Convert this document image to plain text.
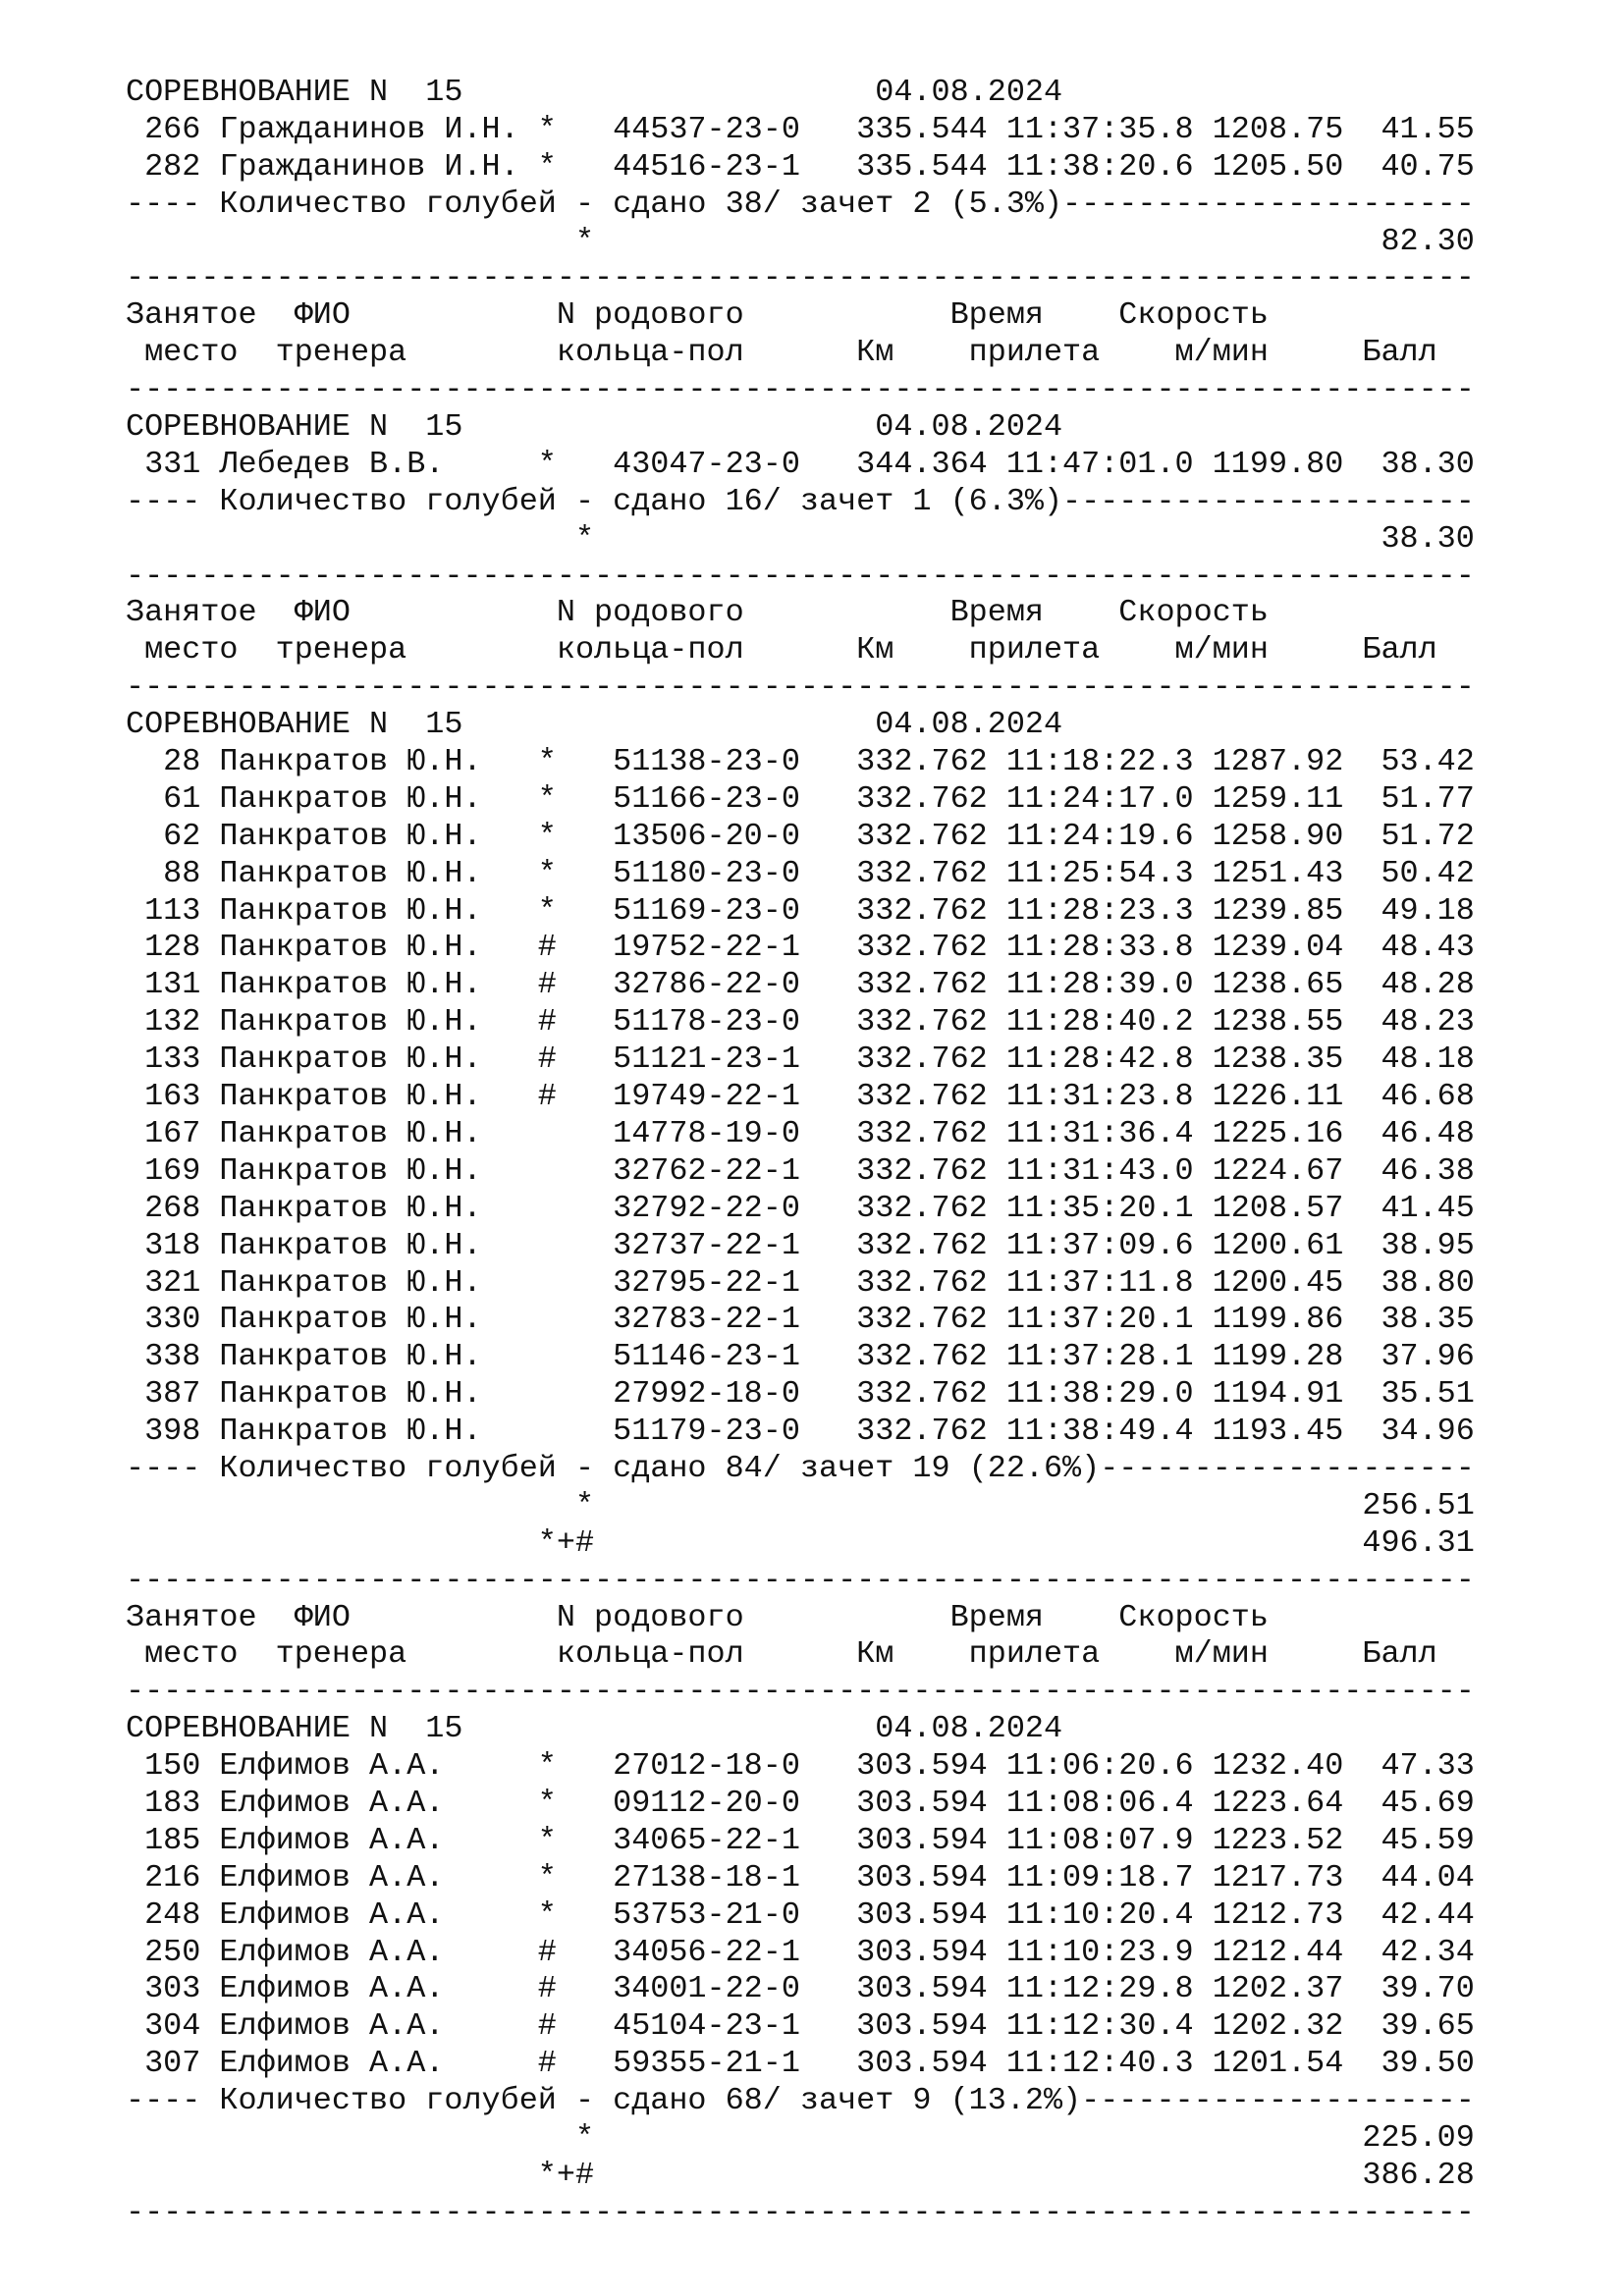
СОРЕВНОВАНИЕ N  15                      04.08.2024
266 Гражданинов И.Н. *   44537-23-0   335.544 11:37:35.8 1208.75  41.55
282 Гражданинов И.Н. *   44516-23-1   335.544 11:38:20.6 1205.50  40.75
---- Количество голубей - сдано 38/ зачет 2 (5.3%)----------------------
*                                          82.30
------------------------------------------------------------------------
Занятое  ФИО           N родового           Время    Скорость
место  тренера        кольца-пол      Км    прилета    м/мин     Балл
------------------------------------------------------------------------
СОРЕВНОВАНИЕ N  15                      04.08.2024
331 Лебедев В.В.     *   43047-23-0   344.364 11:47:01.0 1199.80  38.30
---- Количество голубей - сдано 16/ зачет 1 (6.3%)----------------------
*                                          38.30
------------------------------------------------------------------------
Занятое  ФИО           N родового           Время    Скорость
место  тренера        кольца-пол      Км    прилета    м/мин     Балл
------------------------------------------------------------------------
СОРЕВНОВАНИЕ N  15                      04.08.2024
28 Панкратов Ю.Н.   *   51138-23-0   332.762 11:18:22.3 1287.92  53.42
61 Панкратов Ю.Н.   *   51166-23-0   332.762 11:24:17.0 1259.11  51.77
62 Панкратов Ю.Н.   *   13506-20-0   332.762 11:24:19.6 1258.90  51.72
88 Панкратов Ю.Н.   *   51180-23-0   332.762 11:25:54.3 1251.43  50.42
113 Панкратов Ю.Н.   *   51169-23-0   332.762 11:28:23.3 1239.85  49.18
128 Панкратов Ю.Н.   #   19752-22-1   332.762 11:28:33.8 1239.04  48.43
131 Панкратов Ю.Н.   #   32786-22-0   332.762 11:28:39.0 1238.65  48.28
132 Панкратов Ю.Н.   #   51178-23-0   332.762 11:28:40.2 1238.55  48.23
133 Панкратов Ю.Н.   #   51121-23-1   332.762 11:28:42.8 1238.35  48.18
163 Панкратов Ю.Н.   #   19749-22-1   332.762 11:31:23.8 1226.11  46.68
167 Панкратов Ю.Н.       14778-19-0   332.762 11:31:36.4 1225.16  46.48
169 Панкратов Ю.Н.       32762-22-1   332.762 11:31:43.0 1224.67  46.38
268 Панкратов Ю.Н.       32792-22-0   332.762 11:35:20.1 1208.57  41.45
318 Панкратов Ю.Н.       32737-22-1   332.762 11:37:09.6 1200.61  38.95
321 Панкратов Ю.Н.       32795-22-1   332.762 11:37:11.8 1200.45  38.80
330 Панкратов Ю.Н.       32783-22-1   332.762 11:37:20.1 1199.86  38.35
338 Панкратов Ю.Н.       51146-23-1   332.762 11:37:28.1 1199.28  37.96
387 Панкратов Ю.Н.       27992-18-0   332.762 11:38:29.0 1194.91  35.51
398 Панкратов Ю.Н.       51179-23-0   332.762 11:38:49.4 1193.45  34.96
---- Количество голубей - сдано 84/ зачет 19 (22.6%)--------------------
*                                         256.51
*+#                                         496.31
------------------------------------------------------------------------
Занятое  ФИО           N родового           Время    Скорость
место  тренера        кольца-пол      Км    прилета    м/мин     Балл
------------------------------------------------------------------------
СОРЕВНОВАНИЕ N  15                      04.08.2024
150 Елфимов А.А.     *   27012-18-0   303.594 11:06:20.6 1232.40  47.33
183 Елфимов А.А.     *   09112-20-0   303.594 11:08:06.4 1223.64  45.69
185 Елфимов А.А.     *   34065-22-1   303.594 11:08:07.9 1223.52  45.59
216 Елфимов А.А.     *   27138-18-1   303.594 11:09:18.7 1217.73  44.04
248 Елфимов А.А.     *   53753-21-0   303.594 11:10:20.4 1212.73  42.44
250 Елфимов А.А.     #   34056-22-1   303.594 11:10:23.9 1212.44  42.34
303 Елфимов А.А.     #   34001-22-0   303.594 11:12:29.8 1202.37  39.70
304 Елфимов А.А.     #   45104-23-1   303.594 11:12:30.4 1202.32  39.65
307 Елфимов А.А.     #   59355-21-1   303.594 11:12:40.3 1201.54  39.50
---- Количество голубей - сдано 68/ зачет 9 (13.2%)---------------------
*                                         225.09
*+#                                         386.28
------------------------------------------------------------------------
